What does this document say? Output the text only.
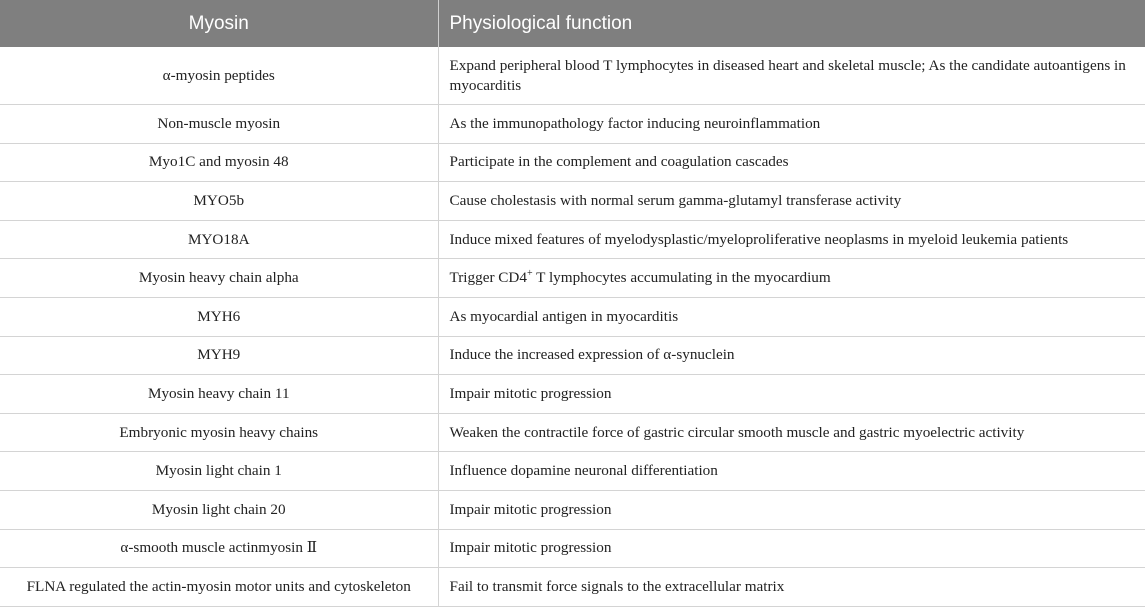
Myosin	Physiological function
α-myosin peptides	Expand peripheral blood T lymphocytes in diseased heart and skeletal muscle; As the candidate autoantigens in myocarditis
Non-muscle myosin	As the immunopathology factor inducing neuroinflammation
Myo1C and myosin 48	Participate in the complement and coagulation cascades
MYO5b	Cause cholestasis with normal serum gamma-glutamyl transferase activity
MYO18A	Induce mixed features of myelodysplastic/myeloproliferative neoplasms in myeloid leukemia patients
Myosin heavy chain alpha	Trigger CD4+ T lymphocytes accumulating in the myocardium
MYH6	As myocardial antigen in myocarditis
MYH9	Induce the increased expression of α-synuclein
Myosin heavy chain 11	Impair mitotic progression
Embryonic myosin heavy chains	Weaken the contractile force of gastric circular smooth muscle and gastric myoelectric activity
Myosin light chain 1	Influence dopamine neuronal differentiation
Myosin light chain 20	Impair mitotic progression
α-smooth muscle actinmyosin Ⅱ	Impair mitotic progression
FLNA regulated the actin-myosin motor units and cytoskeleton	Fail to transmit force signals to the extracellular matrix
